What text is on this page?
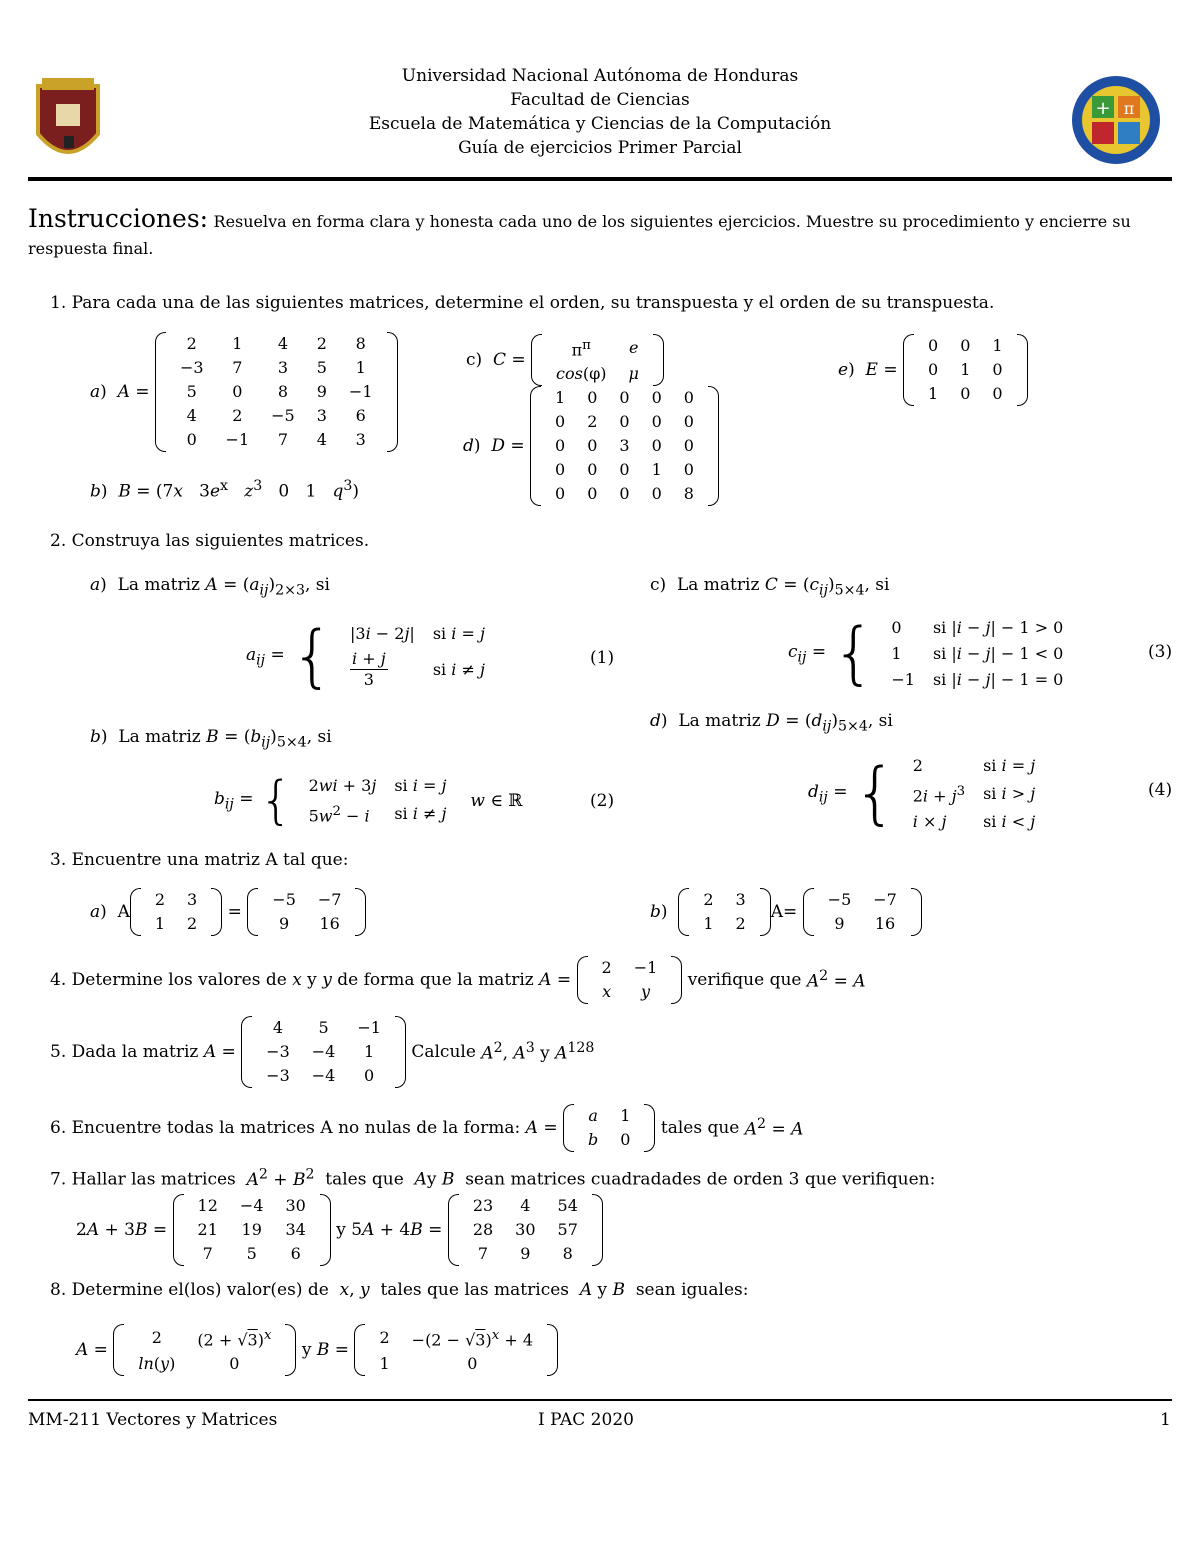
+ π
Universidad Nacional Autónoma de Honduras
Facultad de Ciencias
Escuela de Matemática y Ciencias de la Computación
Guía de ejercicios Primer Parcial
Instrucciones: Resuelva en forma clara y honesta cada uno de los siguientes ejercicios. Muestre su procedimiento y encierre su
respuesta final.
1. Para cada una de las siguientes matrices, determine el orden, su transpuesta y el orden de su transpuesta.
a)  A =
2	1	4	2	8
−3	7	3	5	1
5	0	8	9	−1
4	2	−5	3	6
0	−1	7	4	3
b)  B = (7x   $3e^x$ $z^3$   0   1   $q^3$)
c)  C =
$\pi^\pi$	e
cos(φ)	μ
d)  D =
1	0	0	0	0
0	2	0	0	0
0	0	3	0	0
0	0	0	1	0
0	0	0	0	8
e)  E =
0	0	1
0	1	0
1	0	0
2. Construya las siguientes matrices.
a)  La matriz $A = (a_{ij})_{2\times 3}$, si
$a_{ij}$ = { |3i − 2j|	si i = j

$\frac{i + j}{3}$	si i ≠ j
(1)
b)  La matriz $B = (b_{ij})_{5\times 4}$, si
$b_{ij}$ = { 2wi + 3j	si i = j
$5w^2 - i$	si i ≠ j
w ∈ ℝ	(2)
c)  La matriz $C = (c_{ij})_{5\times 4}$, si
$c_{ij}$ = { 0	si |i − j| − 1 > 0
1	si |i − j| − 1 < 0
−1	si |i − j| − 1 = 0
(3)
d)  La matriz $D = (d_{ij})_{5\times 4}$, si
$d_{ij}$ = { 2	si i = j
$2i + j^3$	si i > j
i × j	si i < j
(4)
3. Encuentre una matriz A tal que:
a)  A
2	3
1	2
=
−5	−7
9	16
b)
2	3
1	2
A=
−5	−7
9	16
4. Determine los valores de x y y de forma que la matriz A =
2	−1
x	y

verifique que $A^2 = A$
5. Dada la matriz A =
4	5	−1
−3	−4	1
−3	−4	0

Calcule $A^2$, $A^3$ y $A^{128}$
6. Encuentre todas la matrices A no nulas de la forma: A =
a	1
b	0

tales que $A^2 = A$
7. Hallar las matrices $A^2 + B^2$ tales que Ay B sean matrices cuadradades de orden 3 que verifiquen:
2A + 3B =
12	−4	30
21	19	34
7	5	6
y 5A + 4B =
23	4	54
28	30	57
7	9	8
8. Determine el(los) valor(es) de x, y tales que las matrices A y B sean iguales:
A =
2	$(2 + √3)^x$
ln(y)	0
y B =
2	$-(2 - √3)^x + 4$
1	0
MM-211 Vectores y Matrices	I PAC 2020	1
